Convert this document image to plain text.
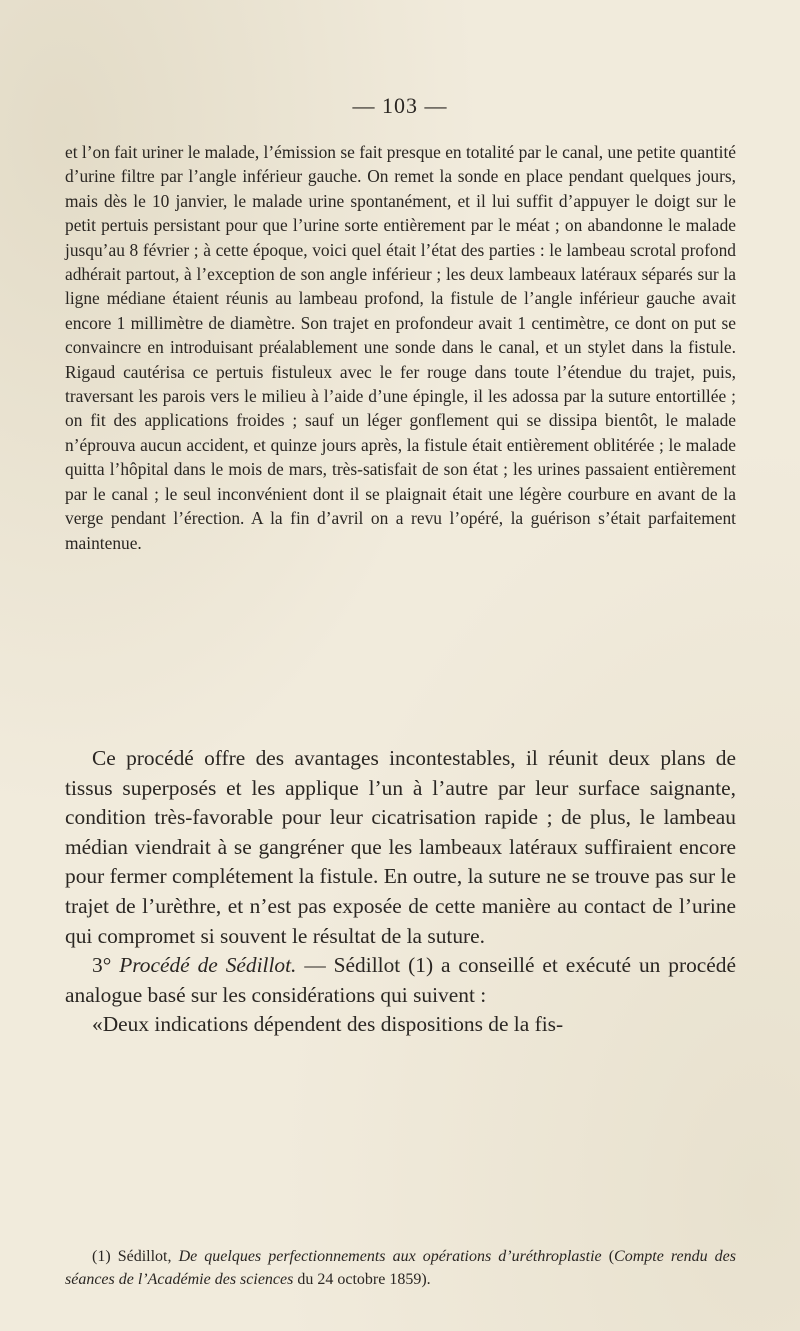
— 103 —

et l’on fait uriner le malade, l’émission se fait presque en totalité par le canal, une petite quantité d’urine filtre par l’angle inférieur gauche. On remet la sonde en place pendant quelques jours, mais dès le 10 janvier, le malade urine spontanément, et il lui suffit d’appuyer le doigt sur le petit pertuis persistant pour que l’urine sorte entièrement par le méat ; on abandonne le malade jusqu’au 8 février ; à cette époque, voici quel était l’état des parties : le lambeau scrotal profond adhérait partout, à l’exception de son angle inférieur ; les deux lambeaux latéraux séparés sur la ligne médiane étaient réunis au lambeau profond, la fistule de l’angle inférieur gauche avait encore 1 millimètre de diamètre. Son trajet en profondeur avait 1 centimètre, ce dont on put se convaincre en introduisant préalablement une sonde dans le canal, et un stylet dans la fistule. Rigaud cautérisa ce pertuis fistuleux avec le fer rouge dans toute l’étendue du trajet, puis, traversant les parois vers le milieu à l’aide d’une épingle, il les adossa par la suture entortillée ; on fit des applications froides ; sauf un léger gonflement qui se dissipa bientôt, le malade n’éprouva aucun accident, et quinze jours après, la fistule était entièrement oblitérée ; le malade quitta l’hôpital dans le mois de mars, très-satisfait de son état ; les urines passaient entièrement par le canal ; le seul inconvénient dont il se plaignait était une légère courbure en avant de la verge pendant l’érection. A la fin d’avril on a revu l’opéré, la guérison s’était parfaitement maintenue.

Ce procédé offre des avantages incontestables, il réunit deux plans de tissus superposés et les applique l’un à l’autre par leur surface saignante, condition très-favorable pour leur cicatrisation rapide ; de plus, le lambeau médian viendrait à se gangréner que les lambeaux latéraux suffiraient encore pour fermer complétement la fistule. En outre, la suture ne se trouve pas sur le trajet de l’urèthre, et n’est pas exposée de cette manière au contact de l’urine qui compromet si souvent le résultat de la suture.

3° Procédé de Sédillot. — Sédillot (1) a conseillé et exécuté un procédé analogue basé sur les considérations qui suivent :

«Deux indications dépendent des dispositions de la fis-

(1) Sédillot, De quelques perfectionnements aux opérations d’uréthroplastie (Compte rendu des séances de l’Académie des sciences du 24 octobre 1859).
